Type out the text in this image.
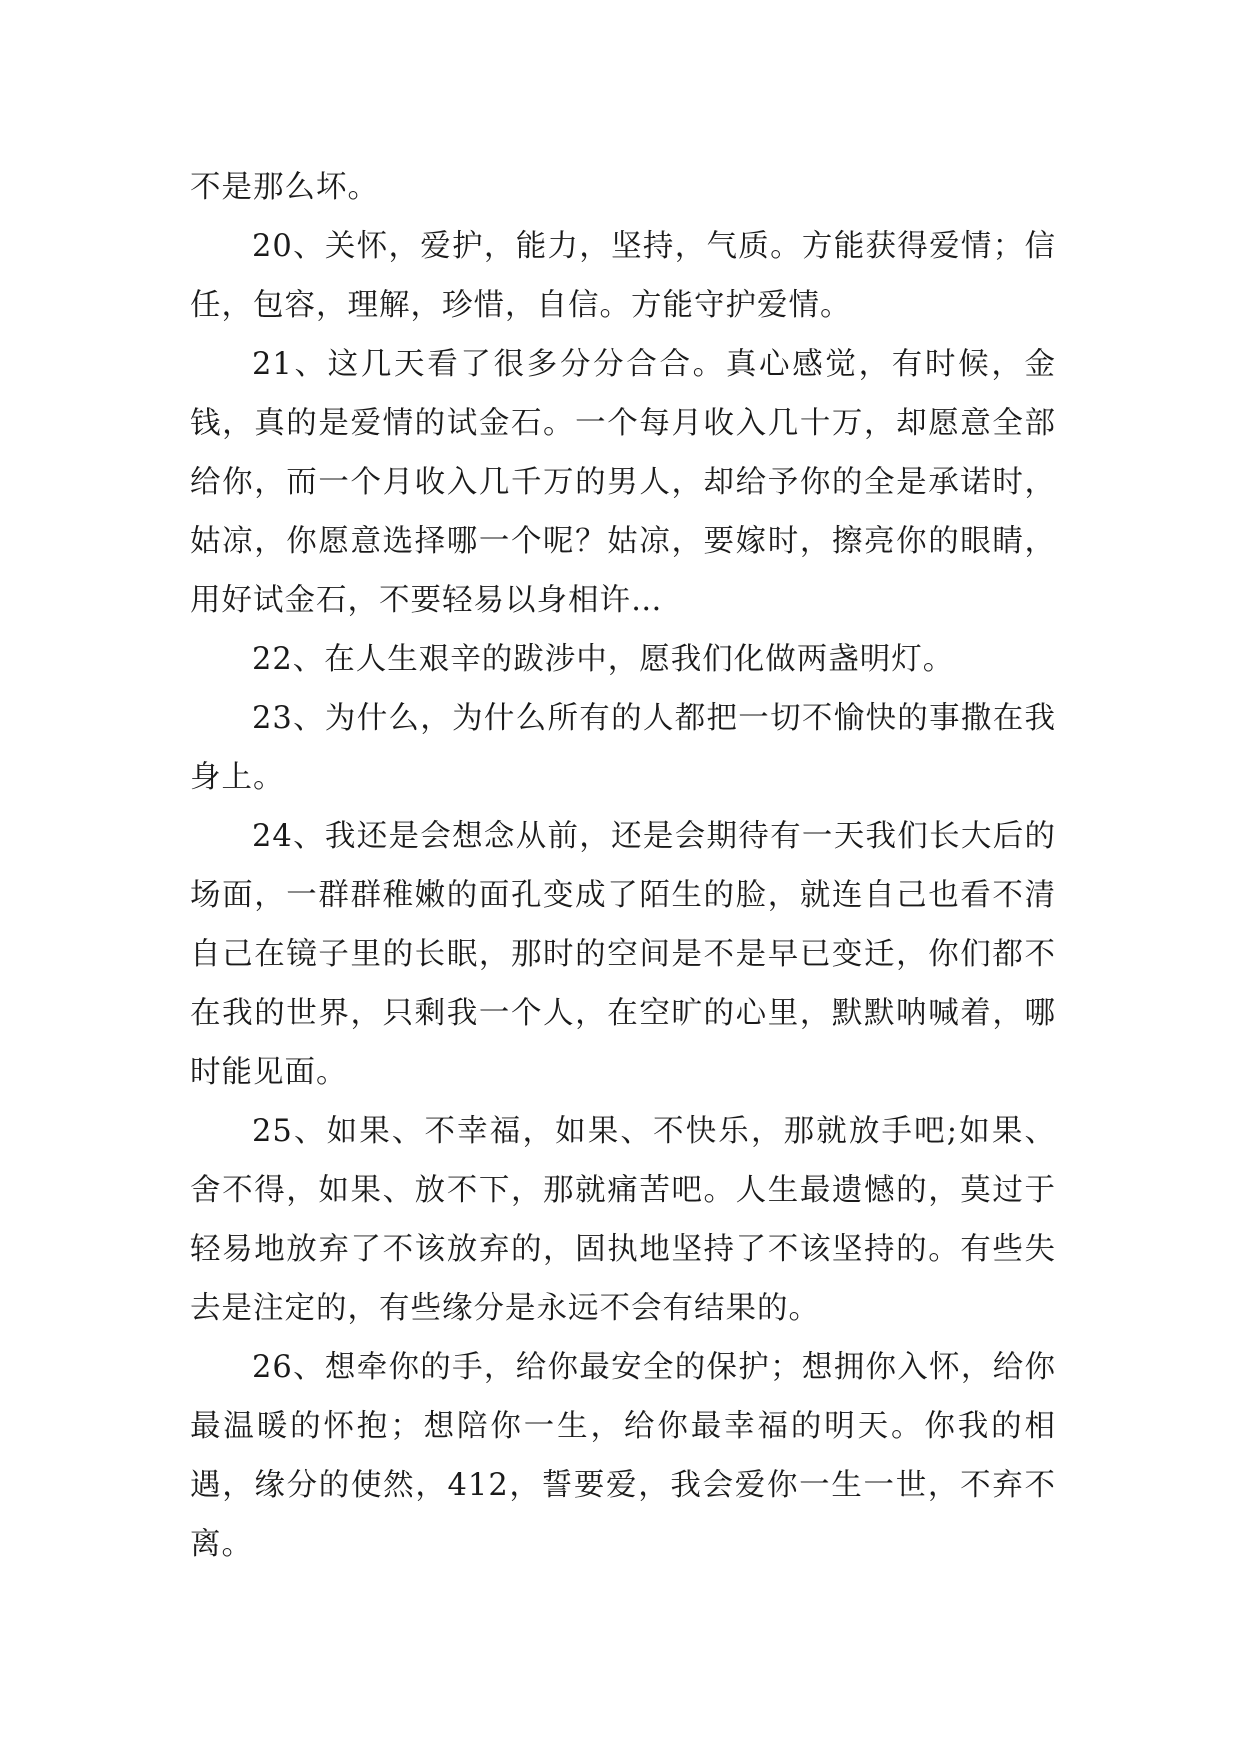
不是那么坏。

20、关怀，爱护，能力，坚持，气质。方能获得爱情；信任，包容，理解，珍惜，自信。方能守护爱情。

21、这几天看了很多分分合合。真心感觉，有时候，金钱，真的是爱情的试金石。一个每月收入几十万，却愿意全部给你，而一个月收入几千万的男人，却给予你的全是承诺时，姑凉，你愿意选择哪一个呢？姑凉，要嫁时，擦亮你的眼睛，用好试金石，不要轻易以身相许…

22、在人生艰辛的跋涉中，愿我们化做两盏明灯。

23、为什么，为什么所有的人都把一切不愉快的事撒在我身上。

24、我还是会想念从前，还是会期待有一天我们长大后的场面，一群群稚嫩的面孔变成了陌生的脸，就连自己也看不清自己在镜子里的长眠，那时的空间是不是早已变迁，你们都不在我的世界，只剩我一个人，在空旷的心里，默默呐喊着，哪时能见面。

25、如果、不幸福，如果、不快乐，那就放手吧;如果、舍不得，如果、放不下，那就痛苦吧。人生最遗憾的，莫过于轻易地放弃了不该放弃的，固执地坚持了不该坚持的。有些失去是注定的，有些缘分是永远不会有结果的。

26、想牵你的手，给你最安全的保护；想拥你入怀，给你最温暖的怀抱；想陪你一生，给你最幸福的明天。你我的相遇，缘分的使然，412，誓要爱，我会爱你一生一世，不弃不离。
